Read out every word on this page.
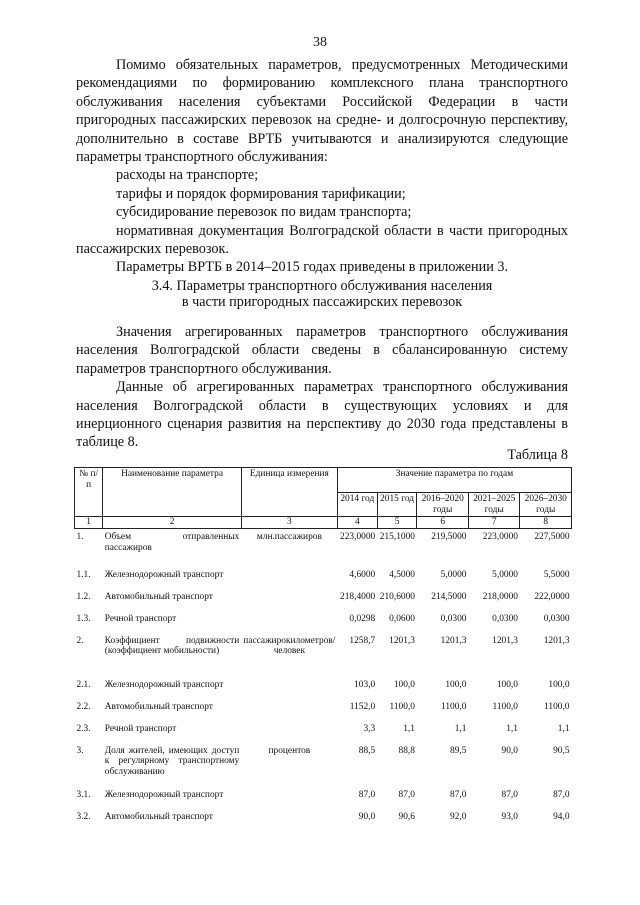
38

Помимо обязательных параметров, предусмотренных Методическими рекомендациями по формированию комплексного плана транспортного обслуживания населения субъектами Российской Федерации в части пригородных пассажирских перевозок на средне- и долгосрочную перспективу, дополнительно в составе ВРТБ учитываются и анализируются следующие параметры транспортного обслуживания:

расходы на транспорте;

тарифы и порядок формирования тарификации;

субсидирование перевозок по видам транспорта;

нормативная документация Волгоградской области в части пригородных пассажирских перевозок.

Параметры ВРТБ в 2014–2015 годах приведены в приложении 3.

3.4. Параметры транспортного обслуживания населения
в части пригородных пассажирских перевозок

Значения агрегированных параметров транспортного обслуживания населения Волгоградской области сведены в сбалансированную систему параметров транспортного обслуживания.

Данные об агрегированных параметрах транспортного обслуживания населения Волгоградской области в существующих условиях и для инерционного сценария развития на перспективу до 2030 года представлены в таблице 8.

Таблица 8
№ п/п	Наименование параметра	Единица измерения	Значение параметра по годам				
			2014 год	2015 год	2016–2020 годы	2021–2025 годы	2026–2030 годы
1	2	3	4	5	6	7	8
1.	Объем отправленных пассажиров	млн.пассажиров	223,0000	215,1000	219,5000	223,0000	227,5000
1.1.	Железнодорожный транспорт		4,6000	4,5000	5,0000	5,0000	5,5000
1.2.	Автомобильный транспорт		218,4000	210,6000	214,5000	218,0000	222,0000
1.3.	Речной транспорт		0,0298	0,0600	0,0300	0,0300	0,0300
2.	Коэффициент подвижности (коэффициент мобильности)	пассажирокилометров/ человек	1258,7	1201,3	1201,3	1201,3	1201,3
2.1.	Железнодорожный транспорт		103,0	100,0	100,0	100,0	100,0
2.2.	Автомобильный транспорт		1152,0	1100,0	1100,0	1100,0	1100,0
2.3.	Речной транспорт		3,3	1,1	1,1	1,1	1,1
3.	Доля жителей, имеющих доступ к регулярному транспортному обслуживанию	процентов	88,5	88,8	89,5	90,0	90,5
3.1.	Железнодорожный транспорт		87,0	87,0	87,0	87,0	87,0
3.2.	Автомобильный транспорт		90,0	90,6	92,0	93,0	94,0
